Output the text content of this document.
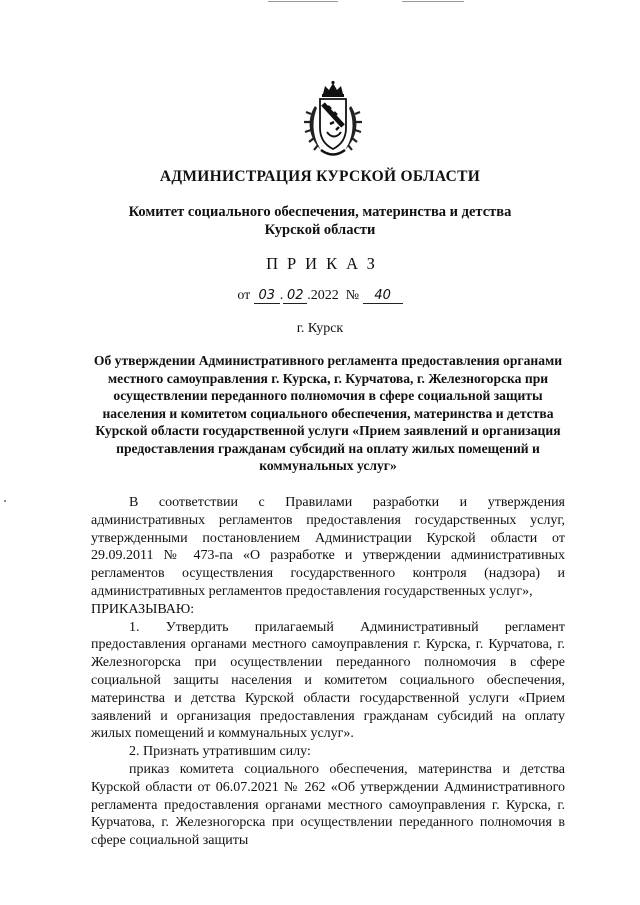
АДМИНИСТРАЦИЯ КУРСКОЙ ОБЛАСТИ
Комитет социального обеспечения, материнства и детства
Курской области
ПРИКАЗ
от 03 . 02 .2022 № 40
г. Курск
Об утверждении Административного регламента предоставления органами местного самоуправления г. Курска, г. Курчатова, г. Железногорска при осуществлении переданного полномочия в сфере социальной защиты населения и комитетом социального обеспечения, материнства и детства Курской области государственной услуги «Прием заявлений и организация предоставления гражданам субсидий на оплату жилых помещений и коммунальных услуг»

В соответствии с Правилами разработки и утверждения административных регламентов предоставления государственных услуг, утвержденными постановлением Администрации Курской области от 29.09.2011 № 473-па «О разработке и утверждении административных регламентов осуществления государственного контроля (надзора) и административных регламентов предоставления государственных услуг»,

ПРИКАЗЫВАЮ:

1. Утвердить прилагаемый Административный регламент предоставления органами местного самоуправления г. Курска, г. Курчатова, г. Железногорска при осуществлении переданного полномочия в сфере социальной защиты населения и комитетом социального обеспечения, материнства и детства Курской области государственной услуги «Прием заявлений и организация предоставления гражданам субсидий на оплату жилых помещений и коммунальных услуг».

2. Признать утратившим силу:

приказ комитета социального обеспечения, материнства и детства Курской области от 06.07.2021 № 262 «Об утверждении Административного регламента предоставления органами местного самоуправления г. Курска, г. Курчатова, г. Железногорска при осуществлении переданного полномочия в сфере социальной защиты
